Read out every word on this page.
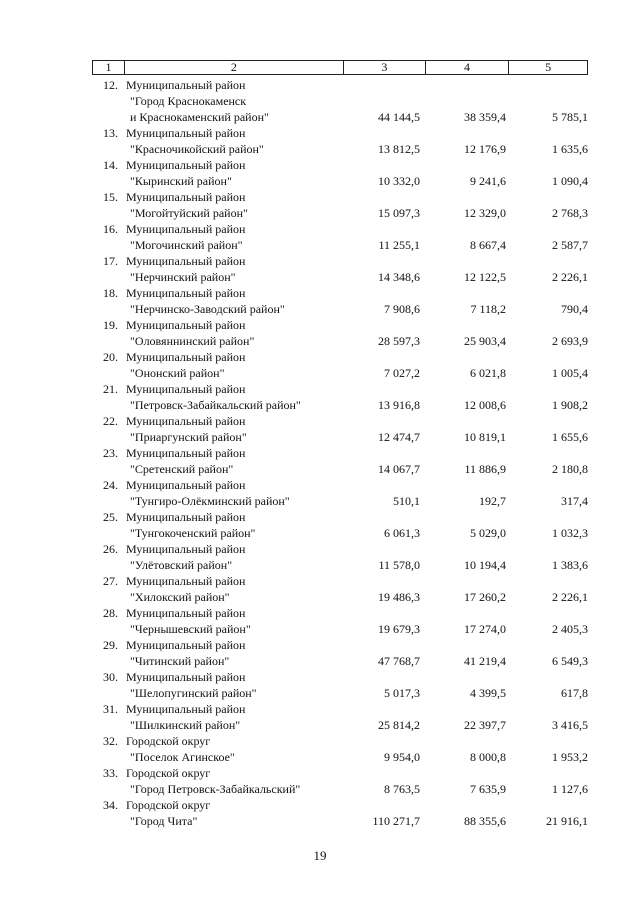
1	2	3	4	5
12. Муниципальный район
"Город Краснокаменск
и Краснокаменский район"	44 144,5	38 359,4	5 785,1
13. Муниципальный район
"Красночикойский район"	13 812,5	12 176,9	1 635,6
14. Муниципальный район
"Кыринский район"	10 332,0	9 241,6	1 090,4
15. Муниципальный район
"Могойтуйский район"	15 097,3	12 329,0	2 768,3
16. Муниципальный район
"Могочинский район"	11 255,1	8 667,4	2 587,7
17. Муниципальный район
"Нерчинский район"	14 348,6	12 122,5	2 226,1
18. Муниципальный район
"Нерчинско-Заводский район"	7 908,6	7 118,2	790,4
19. Муниципальный район
"Оловяннинский район"	28 597,3	25 903,4	2 693,9
20. Муниципальный район
"Ононский район"	7 027,2	6 021,8	1 005,4
21. Муниципальный район
"Петровск-Забайкальский район"	13 916,8	12 008,6	1 908,2
22. Муниципальный район
"Приаргунский район"	12 474,7	10 819,1	1 655,6
23. Муниципальный район
"Сретенский район"	14 067,7	11 886,9	2 180,8
24. Муниципальный район
"Тунгиро-Олёкминский район"	510,1	192,7	317,4
25. Муниципальный район
"Тунгокоченский район"	6 061,3	5 029,0	1 032,3
26. Муниципальный район
"Улётовский район"	11 578,0	10 194,4	1 383,6
27. Муниципальный район
"Хилокский район"	19 486,3	17 260,2	2 226,1
28. Муниципальный район
"Чернышевский район"	19 679,3	17 274,0	2 405,3
29. Муниципальный район
"Читинский район"	47 768,7	41 219,4	6 549,3
30. Муниципальный район
"Шелопугинский район"	5 017,3	4 399,5	617,8
31. Муниципальный район
"Шилкинский район"	25 814,2	22 397,7	3 416,5
32. Городской округ
"Поселок Агинское"	9 954,0	8 000,8	1 953,2
33. Городской округ
"Город Петровск-Забайкальский"	8 763,5	7 635,9	1 127,6
34. Городской округ
"Город Чита"	110 271,7	88 355,6	21 916,1
19
